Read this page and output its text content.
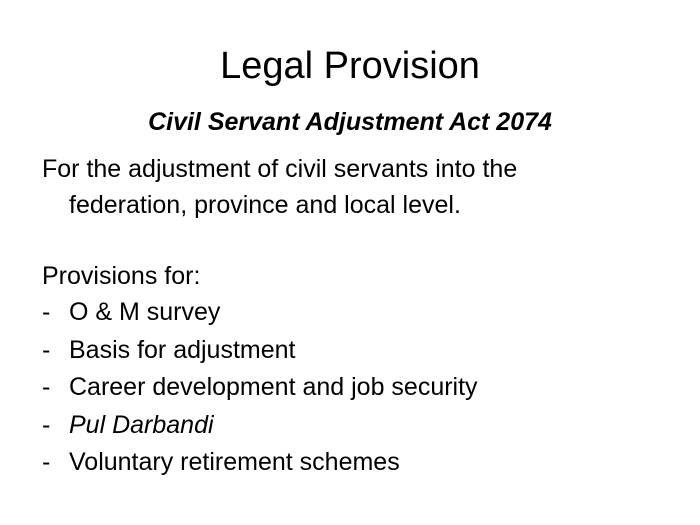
Legal Provision
Civil Servant Adjustment Act 2074
For the adjustment of civil servants into the
federation, province and local level.
Provisions for:
- O & M survey
- Basis for adjustment
- Career development and job security
- Pul Darbandi
- Voluntary retirement schemes
